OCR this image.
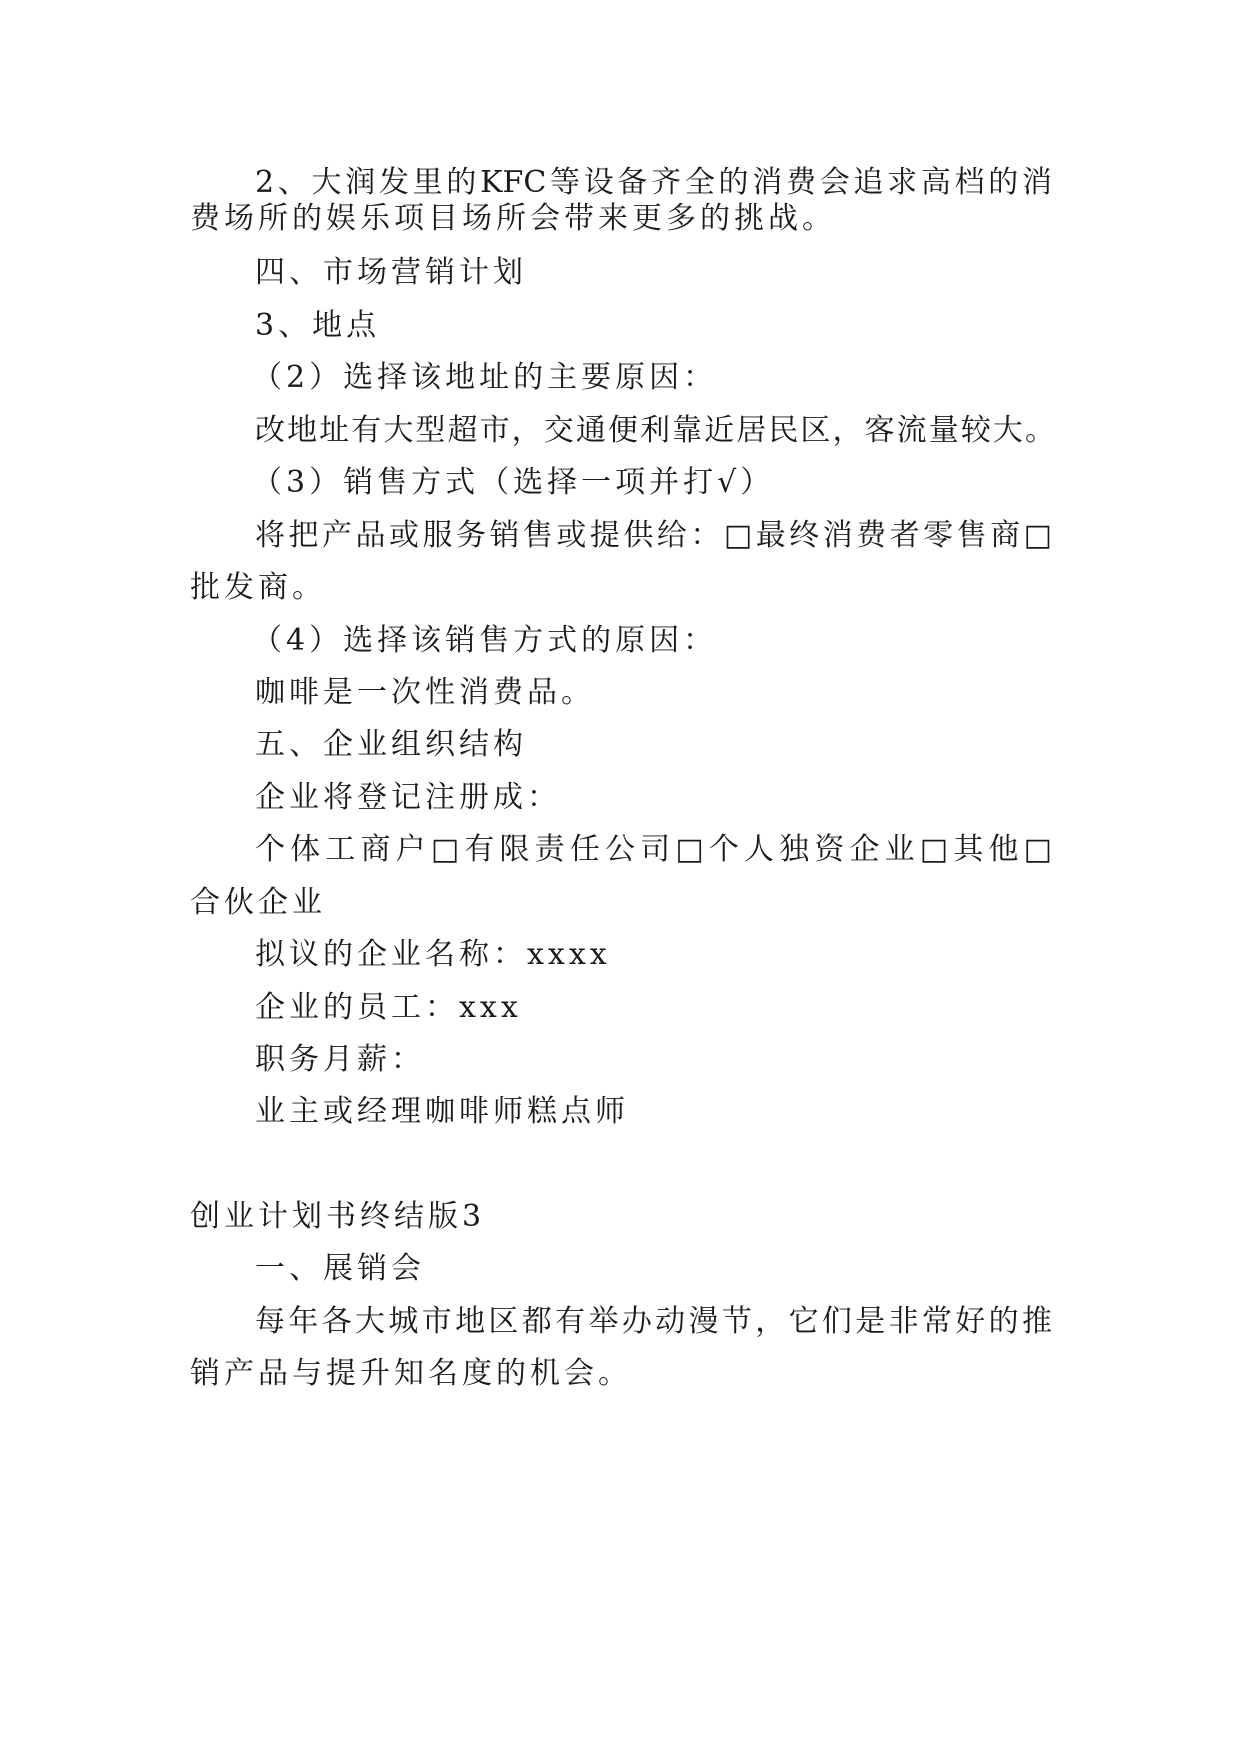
2、大润发里的KFC等设备齐全的消费会追求高档的消
费场所的娱乐项目场所会带来更多的挑战。
四、市场营销计划
3、地点
（2）选择该地址的主要原因：
改地址有大型超市，交通便利靠近居民区，客流量较大。
（3）销售方式（选择一项并打√）
将把产品或服务销售或提供给：□最终消费者零售商□
批发商。
（4）选择该销售方式的原因：
咖啡是一次性消费品。
五、企业组织结构
企业将登记注册成：
个体工商户□有限责任公司□个人独资企业□其他□
合伙企业
拟议的企业名称：xxxx
企业的员工：xxx
职务月薪：
业主或经理咖啡师糕点师
创业计划书终结版3
一、展销会
每年各大城市地区都有举办动漫节，它们是非常好的推
销产品与提升知名度的机会。
